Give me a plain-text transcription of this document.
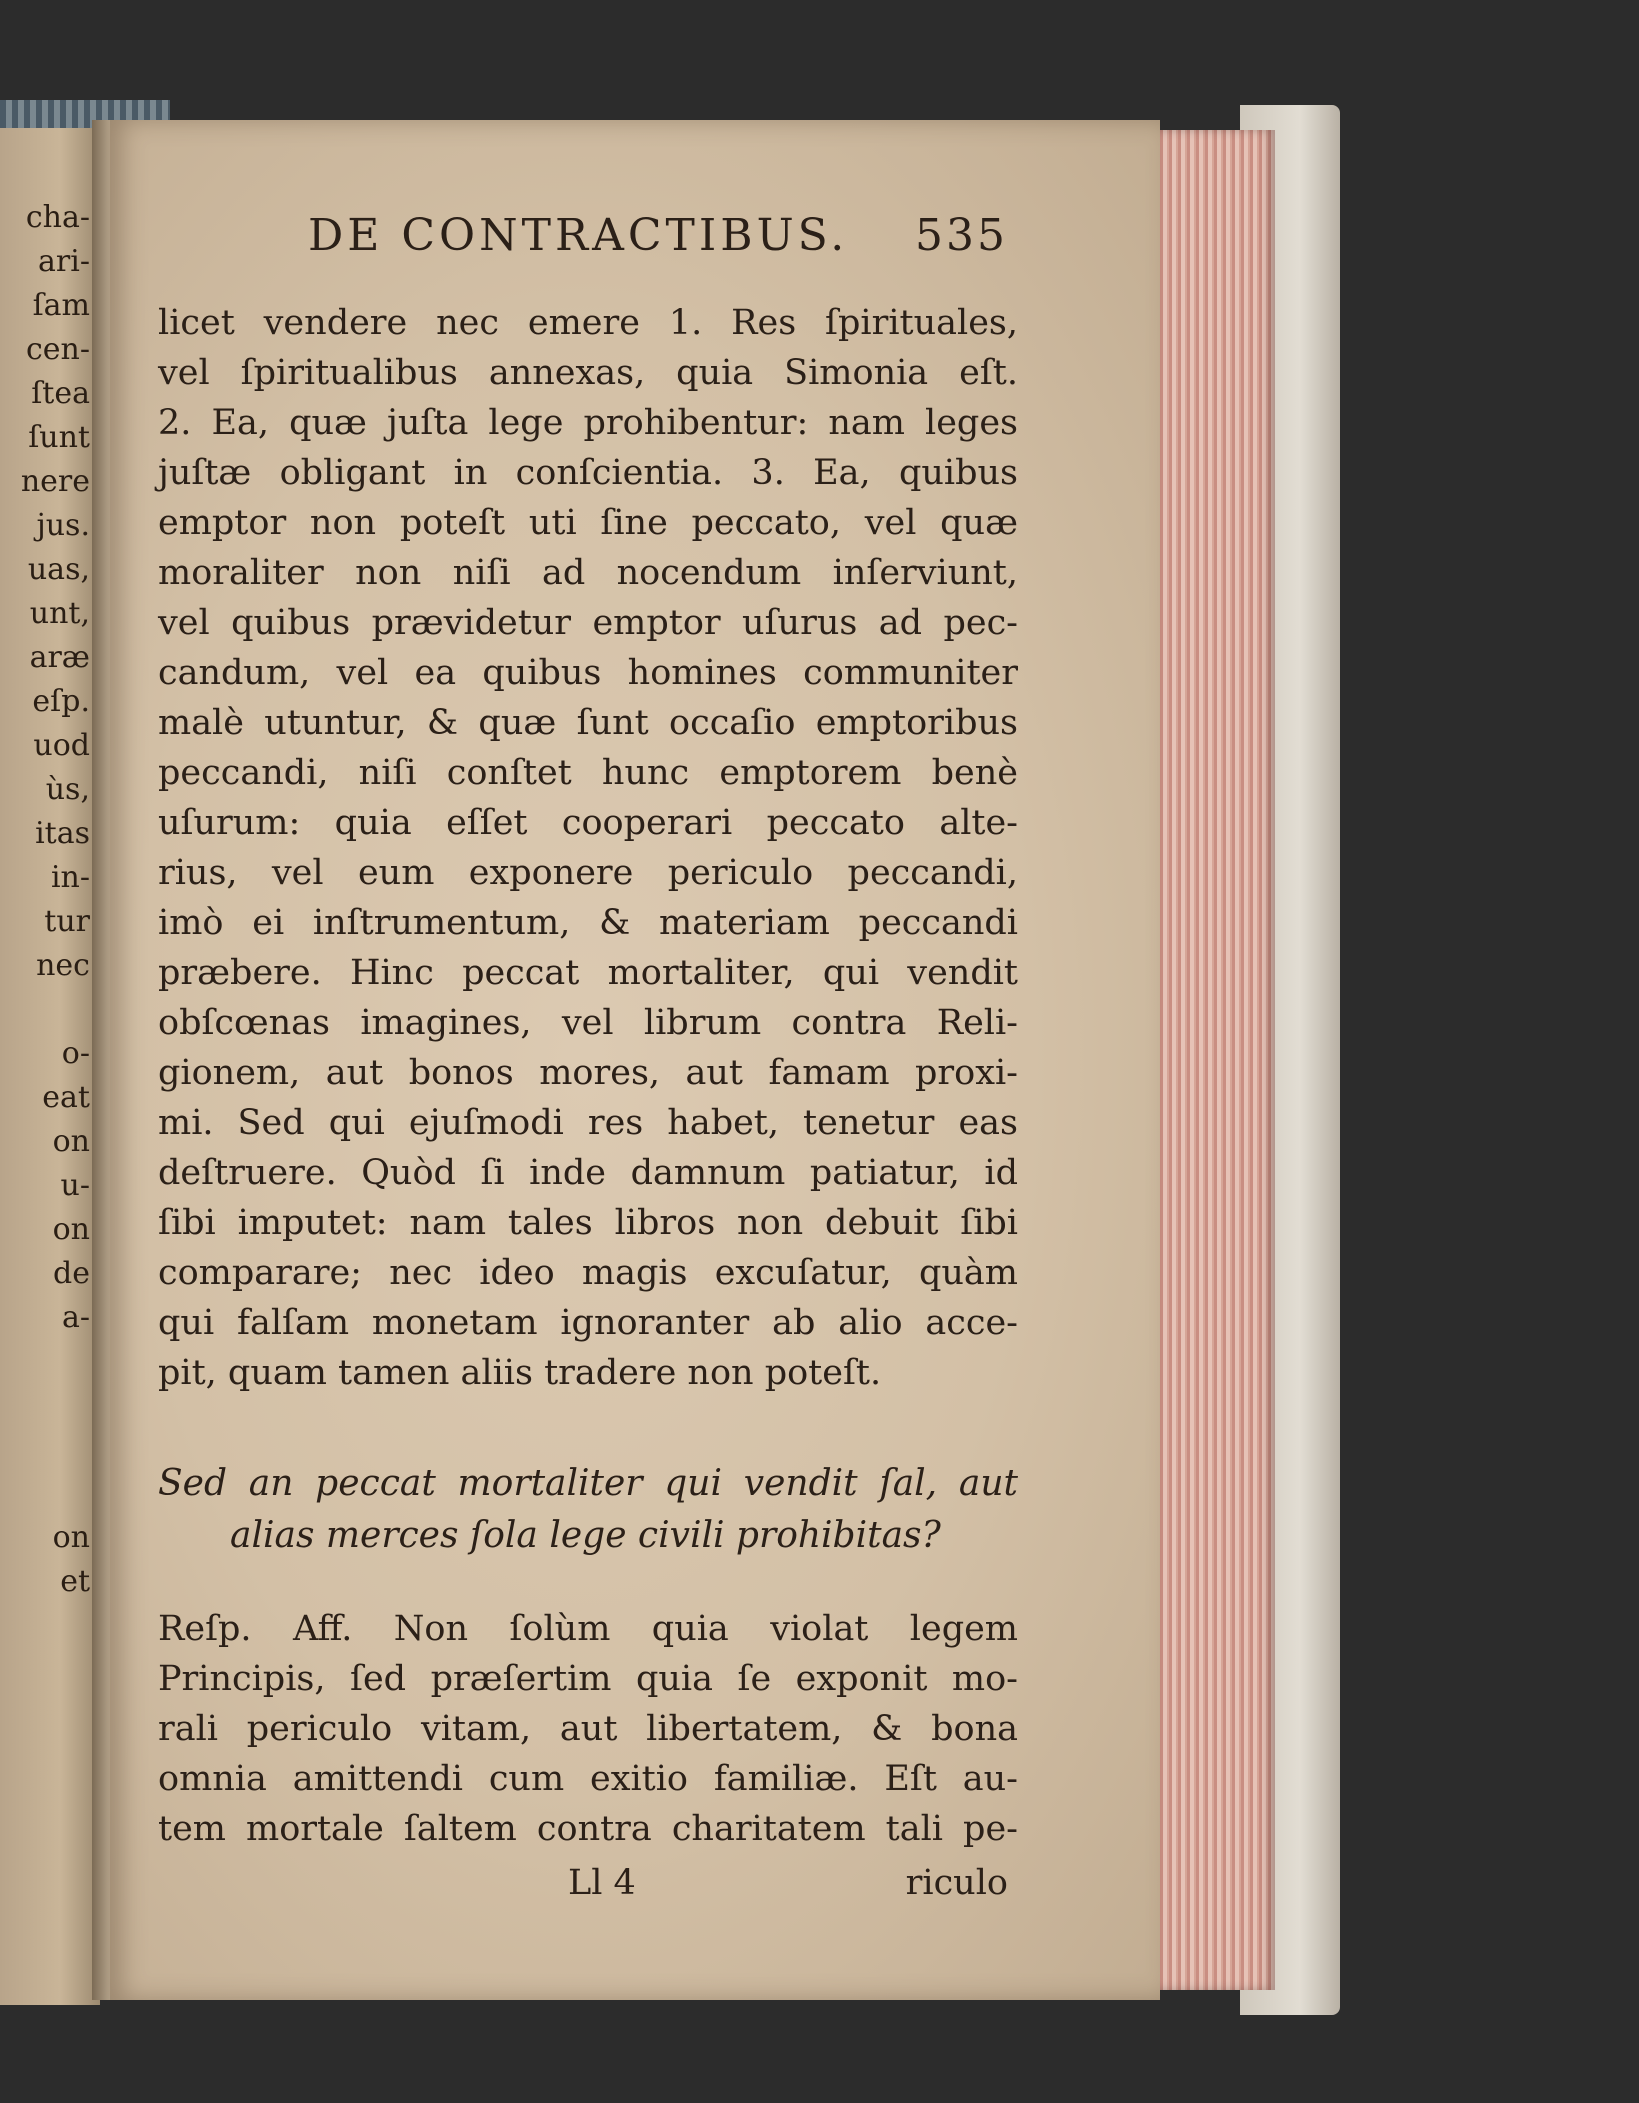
cha-
ari-
ſam
cen-
ſtea
ſunt
nere
jus.
uas,
unt,
aræ
eſp.
uod
ùs,
itas
in-
tur
nec
o-
eat
on
u-
on
de
a-
on
et
DE CONTRACTIBUS. 535
licet vendere nec emere 1. Res ſpirituales,
vel ſpiritualibus annexas, quia Simonia eſt.
2. Ea, quæ juſta lege prohibentur: nam leges
juſtæ obligant in conſcientia. 3. Ea, quibus
emptor non poteſt uti ſine peccato, vel quæ
moraliter non niſi ad nocendum inſerviunt,
vel quibus prævidetur emptor uſurus ad pec-
candum, vel ea quibus homines communiter
malè utuntur, & quæ ſunt occaſio emptoribus
peccandi, niſi conſtet hunc emptorem benè
uſurum: quia eſſet cooperari peccato alte-
rius, vel eum exponere periculo peccandi,
imò ei inſtrumentum, & materiam peccandi
præbere. Hinc peccat mortaliter, qui vendit
obſcœnas imagines, vel librum contra Reli-
gionem, aut bonos mores, aut famam proxi-
mi. Sed qui ejuſmodi res habet, tenetur eas
deſtruere. Quòd ſi inde damnum patiatur, id
ſibi imputet: nam tales libros non debuit ſibi
comparare; nec ideo magis excuſatur, quàm
qui falſam monetam ignoranter ab alio acce-
pit, quam tamen aliis tradere non poteſt.
Sed an peccat mortaliter qui vendit ſal, aut
alias merces ſola lege civili prohibitas?
Reſp. Aff. Non ſolùm quia violat legem
Principis, ſed præſertim quia ſe exponit mo-
rali periculo vitam, aut libertatem, & bona
omnia amittendi cum exitio familiæ. Eſt au-
tem mortale ſaltem contra charitatem tali pe-
Ll 4	riculo
